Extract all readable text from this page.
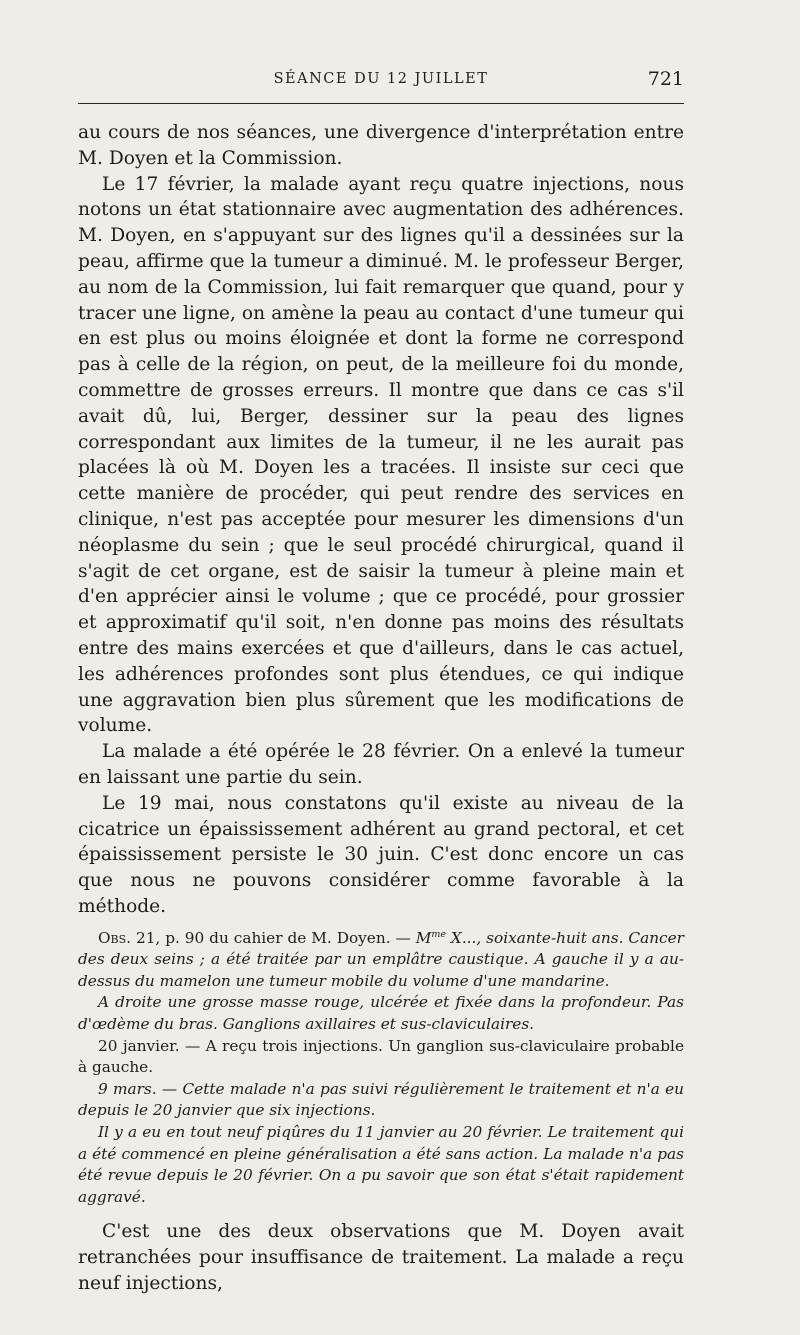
SÉANCE DU 12 JUILLET	721

au cours de nos séances, une divergence d'interprétation entre M. Doyen et la Commission.

Le 17 février, la malade ayant reçu quatre injections, nous notons un état stationnaire avec augmentation des adhérences. M. Doyen, en s'appuyant sur des lignes qu'il a dessinées sur la peau, affirme que la tumeur a diminué. M. le professeur Berger, au nom de la Commission, lui fait remarquer que quand, pour y tracer une ligne, on amène la peau au contact d'une tumeur qui en est plus ou moins éloignée et dont la forme ne correspond pas à celle de la région, on peut, de la meilleure foi du monde, commettre de grosses erreurs. Il montre que dans ce cas s'il avait dû, lui, Berger, dessiner sur la peau des lignes correspondant aux limites de la tumeur, il ne les aurait pas placées là où M. Doyen les a tracées. Il insiste sur ceci que cette manière de procéder, qui peut rendre des services en clinique, n'est pas acceptée pour mesurer les dimensions d'un néoplasme du sein ; que le seul procédé chirurgical, quand il s'agit de cet organe, est de saisir la tumeur à pleine main et d'en apprécier ainsi le volume ; que ce procédé, pour grossier et approximatif qu'il soit, n'en donne pas moins des résultats entre des mains exercées et que d'ailleurs, dans le cas actuel, les adhérences profondes sont plus étendues, ce qui indique une aggravation bien plus sûrement que les modifications de volume.

La malade a été opérée le 28 février. On a enlevé la tumeur en laissant une partie du sein.

Le 19 mai, nous constatons qu'il existe au niveau de la cicatrice un épaississement adhérent au grand pectoral, et cet épaississement persiste le 30 juin. C'est donc encore un cas que nous ne pouvons considérer comme favorable à la méthode.

Obs. 21, p. 90 du cahier de M. Doyen. — $M^{me}$ X..., soixante-huit ans. Cancer des deux seins ; a été traitée par un emplâtre caustique. A gauche il y a au-dessus du mamelon une tumeur mobile du volume d'une mandarine.

A droite une grosse masse rouge, ulcérée et fixée dans la profondeur. Pas d'œdème du bras. Ganglions axillaires et sus-claviculaires.

20 janvier. — A reçu trois injections. Un ganglion sus-claviculaire probable à gauche.

9 mars. — Cette malade n'a pas suivi régulièrement le traitement et n'a eu depuis le 20 janvier que six injections.

Il y a eu en tout neuf piqûres du 11 janvier au 20 février. Le traitement qui a été commencé en pleine généralisation a été sans action. La malade n'a pas été revue depuis le 20 février. On a pu savoir que son état s'était rapidement aggravé.

C'est une des deux observations que M. Doyen avait retranchées pour insuffisance de traitement. La malade a reçu neuf injections,
